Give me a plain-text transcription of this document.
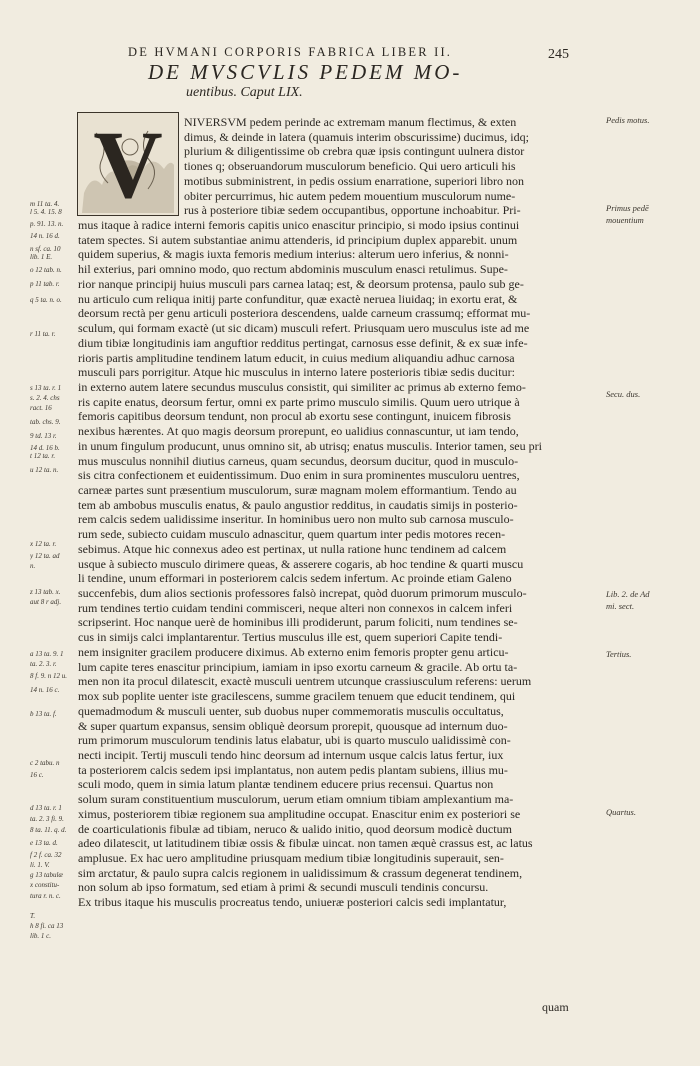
DE HVMANI CORPORIS FABRICA LIBER II.	245
DE MVSCVLIS PEDEM MO-
uentibus. Caput LIX.
V NIVERSVM pedem perinde ac extremam manum flectimus, & exten
dimus, & deinde in latera (quamuis interim obscurissime) ducimus, idq;
plurium & diligentissime ob crebra quæ ipsis contingunt uulnera distor
tiones q; obseruandorum musculorum beneficio. Qui uero articuli his
motibus subministrent, in pedis ossium enarratione, superiori libro non
obiter percurrimus, hic autem pedem mouentium musculorum nume-
rus à posteriore tibiæ sedem occupantibus, opportune inchoabitur. Pri-
mus itaque à radice interni femoris capitis unico enascitur principio, si modo ipsius continui
tatem spectes. Si autem substantiae animu attenderis, id principium duplex apparebit. unum
quidem superius, & magis iuxta femoris medium interius: alterum uero inferius, & nonni-
hil exterius, pari omnino modo, quo rectum abdominis musculum enasci retulimus. Supe-
rior nanque principij huius musculi pars carnea lataq; est, & deorsum protensa, paulo sub ge-
nu articulo cum reliqua initij parte confunditur, quæ exactè neruea liuidaq; in exortu erat, &
deorsum rectà per genu articuli posteriora descendens, ualde carneum crassumq; efformat mu-
sculum, qui formam exactè (ut sic dicam) musculi refert. Priusquam uero musculus iste ad me
dium tibiæ longitudinis iam anguftior redditus pertingat, carnosus esse definit, & ex suæ infe-
rioris partis amplitudine tendinem latum educit, in cuius medium aliquandiu adhuc carnosa
musculi pars porrigitur. Atque hic musculus in interno latere posterioris tibiæ sedis ducitur:
in externo autem latere secundus musculus consistit, qui similiter ac primus ab externo femo-
ris capite enatus, deorsum fertur, omni ex parte primo musculo similis. Quum uero utrique à
femoris capitibus deorsum tendunt, non procul ab exortu sese contingunt, inuicem fibrosis
nexibus hærentes. At quo magis deorsum prorepunt, eo ualidius connascuntur, ut iam tendo,
in unum fingulum producunt, unus omnino sit, ab utrisq; enatus musculis. Interior tamen, seu pri
mus musculus nonnihil diutius carneus, quam secundus, deorsum ducitur, quod in musculo-
sis citra confectionem et euidentissimum. Duo enim in sura prominentes musculoru uentres,
carneæ partes sunt præsentium musculorum, suræ magnam molem efformantium. Tendo au
tem ab ambobus musculis enatus, & paulo angustior redditus, in caudatis simijs in posterio-
rem calcis sedem ualidissime inseritur. In hominibus uero non multo sub carnosa musculo-
rum sede, subiecto cuidam musculo adnascitur, quem quartum inter pedis motores recen-
sebimus. Atque hic connexus adeo est pertinax, ut nulla ratione hunc tendinem ad calcem
usque à subiecto musculo dirimere queas, & asserere cogaris, ab hoc tendine & quarti muscu
li tendine, unum efformari in posteriorem calcis sedem infertum. Ac proinde etiam Galeno
succenfebis, dum alios sectionis professores falsò increpat, quòd duorum primorum musculo-
rum tendines tertio cuidam tendini commisceri, neque alteri non connexos in calcem inferi
scripserint. Hoc nanque uerè de hominibus illi prodiderunt, parum foliciti, num tendines se-
cus in simijs calci implantarentur. Tertius musculus ille est, quem superiori Capite tendi-
nem insigniter gracilem producere diximus. Ab externo enim femoris propter genu articu-
lum capite teres enascitur principium, iamiam in ipso exortu carneum & gracile. Ab ortu ta-
men non ita procul dilatescit, exactè musculi uentrem utcunque crassiusculum referens: uerum
mox sub poplite uenter iste gracilescens, summe gracilem tenuem que educit tendinem, qui
quemadmodum & musculi uenter, sub duobus nuper commemoratis musculis occultatus,
& super quartum expansus, sensim obliquè deorsum prorepit, quousque ad internum duo-
rum primorum musculorum tendinis latus elabatur, ubi is quarto musculo ualidissimè con-
necti incipit. Tertij musculi tendo hinc deorsum ad internum usque calcis latus fertur, iux
ta posteriorem calcis sedem ipsi implantatus, non autem pedis plantam subiens, illius mu-
sculi modo, quem in simia latum plantæ tendinem educere prius recensui. Quartus non
solum suram constituentium musculorum, uerum etiam omnium tibiam amplexantium ma-
ximus, posteriorem tibiæ regionem sua amplitudine occupat. Enascitur enim ex posteriori se
de coarticulationis fibulæ ad tibiam, neruco & ualido initio, quod deorsum modicè ductum
adeo dilatescit, ut latitudinem tibiæ ossis & fibulæ uincat. non tamen æquè crassus est, ac latus
amplusue. Ex hac uero amplitudine priusquam medium tibiæ longitudinis superauit, sen-
sim arctatur, & paulo supra calcis regionem in ualidissimum & crassum degenerat tendinem,
non solum ab ipso formatum, sed etiam à primi & secundi musculi tendinis concursu.
Ex tribus itaque his musculis procreatus tendo, uniueræ posteriori calcis sedi implantatur,
m 11 ta. 4.
l 5. 4. 15. 8
p. 91. 13. n.
14 n. 16 d.
n sf. ca. 10
lib. 1 E.
o 12 tab. n.
p 11 tab. r.
q 5 ta. n. o.
r 11 ta. r.
s 13 ta. r. 1
s. 2. 4. chs
ract. 16
tab. chs. 9.
9 td. 13 r.
14 d. 16 b.
t 12 ta. r.
u 12 ta. n.
x 12 ta. r.
y 12 ta. ad
n.
z 13 tab. x.
aut 8 r adj.
a 13 ta. 9. 1
ta. 2. 3. r.
8 f. 9. n 12 u.
14 n. 16 c.
b 13 ta. f.
c 2 tabu. n
16 c.
d 13 ta. r. 1
ta. 2. 3 fi. 9.
8 ta. 11. q. d.
e 13 ta. d.
f 2 f. ca. 32
li. 1. V.
g 13 tabulæ
x constitu-
tura r. n. c.
T.
h 8 fi. ca 13
lib. 1 c.
Pedis motus.
Primus pedē
mouentium
Secu. dus.
Lib. 2. de Ad
mi. sect.
Tertius.
Quartus.
quam
